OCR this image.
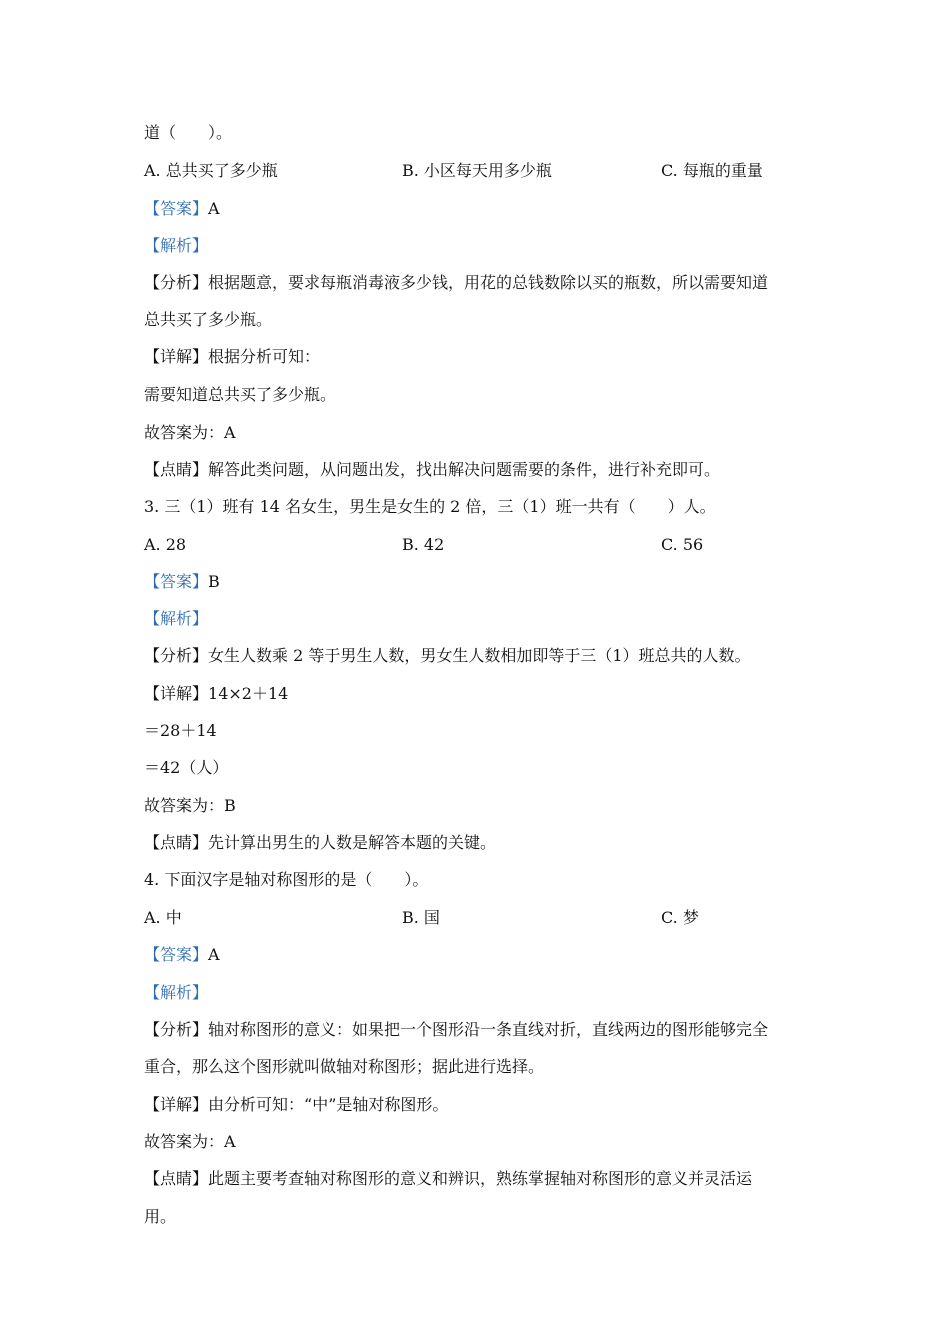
道（　　）。
A. 总共买了多少瓶	B. 小区每天用多少瓶	C. 每瓶的重量
【答案】A
【解析】
【分析】根据题意，要求每瓶消毒液多少钱，用花的总钱数除以买的瓶数，所以需要知道
总共买了多少瓶。
【详解】根据分析可知：
需要知道总共买了多少瓶。
故答案为：A
【点睛】解答此类问题，从问题出发，找出解决问题需要的条件，进行补充即可。
3. 三（1）班有 14 名女生，男生是女生的 2 倍，三（1）班一共有（　　）人。
A. 28	B. 42	C. 56
【答案】B
【解析】
【分析】女生人数乘 2 等于男生人数，男女生人数相加即等于三（1）班总共的人数。
【详解】14×2＋14
＝28＋14
＝42（人）
故答案为：B
【点睛】先计算出男生的人数是解答本题的关键。
4. 下面汉字是轴对称图形的是（　　）。
A. 中	B. 国	C. 梦
【答案】A
【解析】
【分析】轴对称图形的意义：如果把一个图形沿一条直线对折，直线两边的图形能够完全
重合，那么这个图形就叫做轴对称图形；据此进行选择。
【详解】由分析可知：“中”是轴对称图形。
故答案为：A
【点睛】此题主要考查轴对称图形的意义和辨识，熟练掌握轴对称图形的意义并灵活运
用。
